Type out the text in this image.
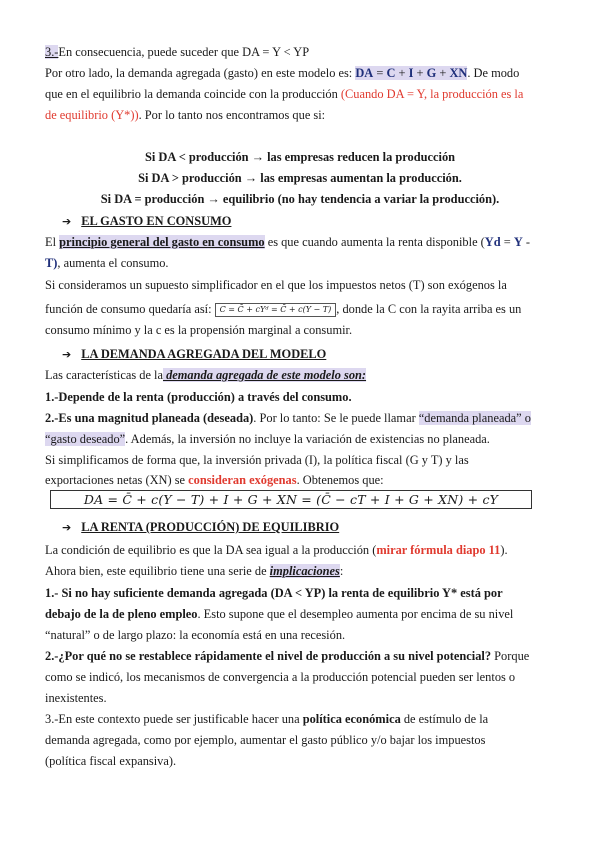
3.-En consecuencia, puede suceder que DA = Y < YP
Por otro lado, la demanda agregada (gasto) en este modelo es: DA = C + I + G + XN. De modo
que en el equilibrio la demanda coincide con la producción (Cuando DA = Y, la producción es la
de equilibrio (Y*)). Por lo tanto nos encontramos que si:
Si DA < producción → las empresas reducen la producción
Si DA > producción → las empresas aumentan la producción.
Si DA = producción → equilibrio (no hay tendencia a variar la producción).
➔ EL GASTO EN CONSUMO
El principio general del gasto en consumo es que cuando aumenta la renta disponible (Yd = Y -
T), aumenta el consumo.
Si consideramos un supuesto simplificador en el que los impuestos netos (T) son exógenos la
función de consumo quedaría así: C = C̄ + cYᵈ = C̄ + c(Y − T) , donde la C con la rayita arriba es un
consumo mínimo y la c es la propensión marginal a consumir.
➔ LA DEMANDA AGREGADA DEL MODELO
Las características de la demanda agregada de este modelo son:
1.-Depende de la renta (producción) a través del consumo.
2.-Es una magnitud planeada (deseada). Por lo tanto: Se le puede llamar “demanda planeada” o
“gasto deseado”. Además, la inversión no incluye la variación de existencias no planeada.
Si simplificamos de forma que, la inversión privada (I), la política fiscal (G y T) y las
exportaciones netas (XN) se consideran exógenas. Obtenemos que:
DA = C̄ + c(Y − T) + I + G + XN = (C̄ − cT + I + G + XN) + cY
➔ LA RENTA (PRODUCCIÓN) DE EQUILIBRIO
La condición de equilibrio es que la DA sea igual a la producción (mirar fórmula diapo 11).
Ahora bien, este equilibrio tiene una serie de implicaciones:
1.- Si no hay suficiente demanda agregada (DA < YP) la renta de equilibrio Y* está por
debajo de la de pleno empleo. Esto supone que el desempleo aumenta por encima de su nivel
“natural” o de largo plazo: la economía está en una recesión.
2.-¿Por qué no se restablece rápidamente el nivel de producción a su nivel potencial? Porque
como se indicó, los mecanismos de convergencia a la producción potencial pueden ser lentos o
inexistentes.
3.-En este contexto puede ser justificable hacer una política económica de estímulo de la
demanda agregada, como por ejemplo, aumentar el gasto público y/o bajar los impuestos
(política fiscal expansiva).
